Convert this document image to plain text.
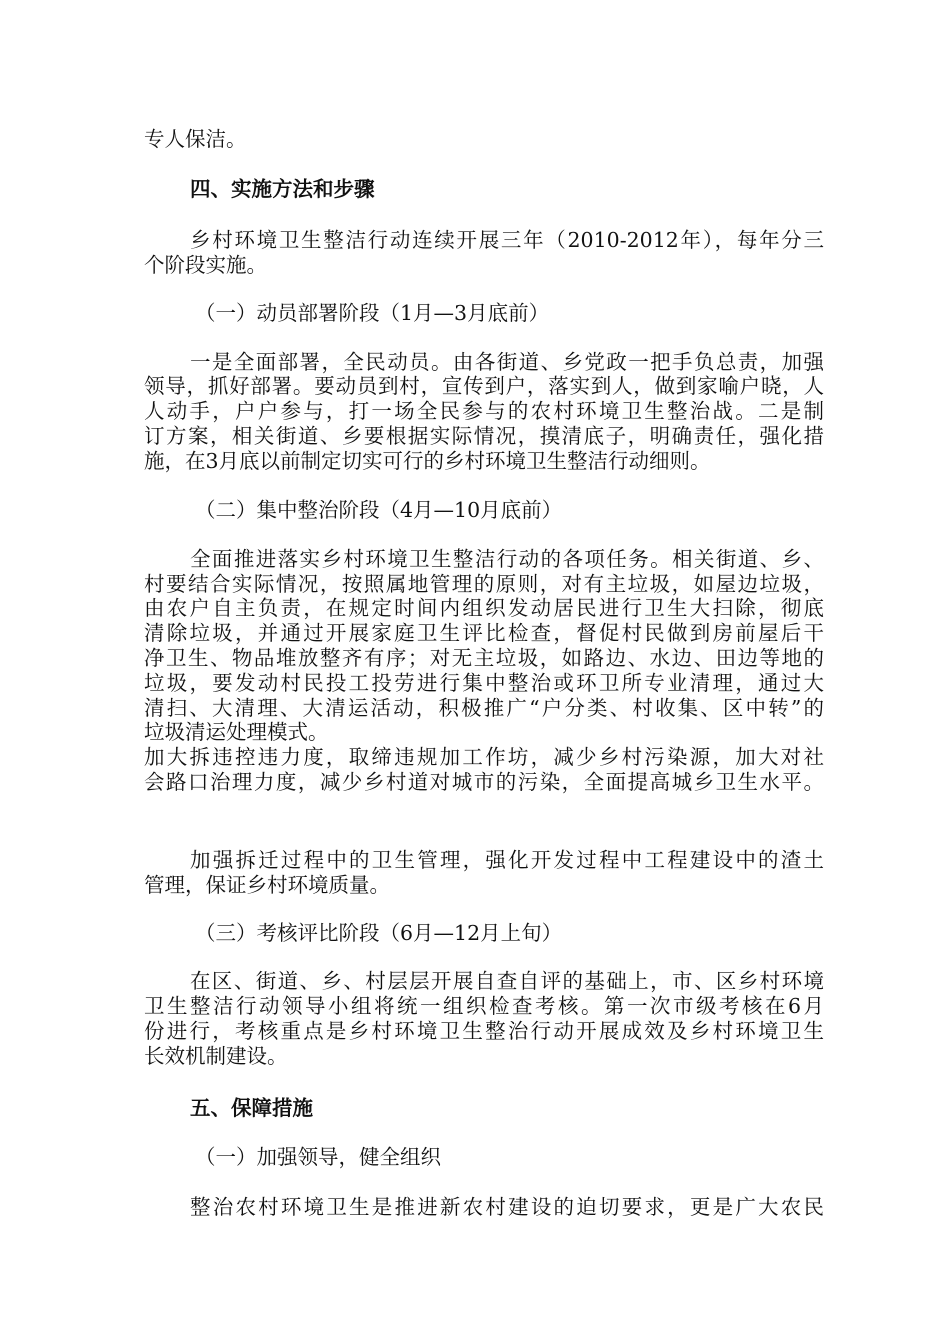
专人保洁。
四、实施方法和步骤
乡村环境卫生整洁行动连续开展三年（2010-2012年），每年分三
个阶段实施。
（一）动员部署阶段（1月—3月底前）
一是全面部署，全民动员。由各街道、乡党政一把手负总责，加强
领导，抓好部署。要动员到村，宣传到户，落实到人，做到家喻户晓，人
人动手，户户参与，打一场全民参与的农村环境卫生整治战。二是制
订方案，相关街道、乡要根据实际情况，摸清底子，明确责任，强化措
施，在3月底以前制定切实可行的乡村环境卫生整洁行动细则。
（二）集中整治阶段（4月—10月底前）
全面推进落实乡村环境卫生整洁行动的各项任务。相关街道、乡、
村要结合实际情况，按照属地管理的原则，对有主垃圾，如屋边垃圾，
由农户自主负责，在规定时间内组织发动居民进行卫生大扫除，彻底
清除垃圾，并通过开展家庭卫生评比检查，督促村民做到房前屋后干
净卫生、物品堆放整齐有序；对无主垃圾，如路边、水边、田边等地的
垃圾，要发动村民投工投劳进行集中整治或环卫所专业清理，通过大
清扫、大清理、大清运活动，积极推广“户分类、村收集、区中转”的
垃圾清运处理模式。
加大拆违控违力度，取缔违规加工作坊，减少乡村污染源，加大对社
会路口治理力度，减少乡村道对城市的污染，全面提高城乡卫生水平。
加强拆迁过程中的卫生管理，强化开发过程中工程建设中的渣土
管理，保证乡村环境质量。
（三）考核评比阶段（6月—12月上旬）
在区、街道、乡、村层层开展自查自评的基础上，市、区乡村环境
卫生整洁行动领导小组将统一组织检查考核。第一次市级考核在6月
份进行，考核重点是乡村环境卫生整治行动开展成效及乡村环境卫生
长效机制建设。
五、保障措施
（一）加强领导，健全组织
整治农村环境卫生是推进新农村建设的迫切要求，更是广大农民
